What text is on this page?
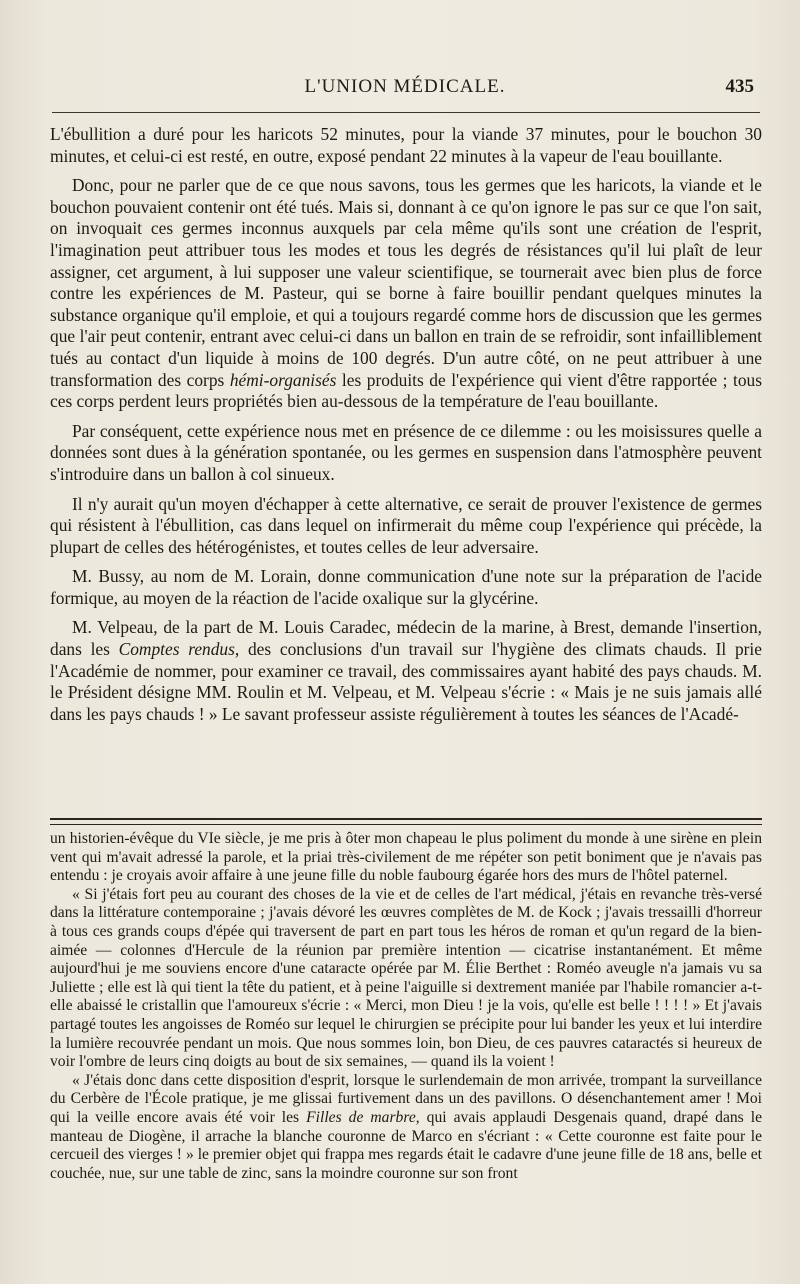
L'UNION MÉDICALE.	435

L'ébullition a duré pour les haricots 52 minutes, pour la viande 37 minutes, pour le bouchon 30 minutes, et celui-ci est resté, en outre, exposé pendant 22 minutes à la vapeur de l'eau bouillante.

Donc, pour ne parler que de ce que nous savons, tous les germes que les haricots, la viande et le bouchon pouvaient contenir ont été tués. Mais si, donnant à ce qu'on ignore le pas sur ce que l'on sait, on invoquait ces germes inconnus auxquels par cela même qu'ils sont une création de l'esprit, l'imagination peut attribuer tous les modes et tous les degrés de résistances qu'il lui plaît de leur assigner, cet argument, à lui supposer une valeur scientifique, se tournerait avec bien plus de force contre les expériences de M. Pasteur, qui se borne à faire bouillir pendant quelques minutes la substance organique qu'il emploie, et qui a toujours regardé comme hors de discussion que les germes que l'air peut contenir, entrant avec celui-ci dans un ballon en train de se refroidir, sont infailliblement tués au contact d'un liquide à moins de 100 degrés. D'un autre côté, on ne peut attribuer à une transformation des corps hémi-organisés les produits de l'expérience qui vient d'être rapportée ; tous ces corps perdent leurs propriétés bien au-dessous de la température de l'eau bouillante.

Par conséquent, cette expérience nous met en présence de ce dilemme : ou les moisissures quelle a données sont dues à la génération spontanée, ou les germes en suspension dans l'atmosphère peuvent s'introduire dans un ballon à col sinueux.

Il n'y aurait qu'un moyen d'échapper à cette alternative, ce serait de prouver l'existence de germes qui résistent à l'ébullition, cas dans lequel on infirmerait du même coup l'expérience qui précède, la plupart de celles des hétérogénistes, et toutes celles de leur adversaire.

M. Bussy, au nom de M. Lorain, donne communication d'une note sur la préparation de l'acide formique, au moyen de la réaction de l'acide oxalique sur la glycérine.

M. Velpeau, de la part de M. Louis Caradec, médecin de la marine, à Brest, demande l'insertion, dans les Comptes rendus, des conclusions d'un travail sur l'hygiène des climats chauds. Il prie l'Académie de nommer, pour examiner ce travail, des commissaires ayant habité des pays chauds. M. le Président désigne MM. Roulin et M. Velpeau, et M. Velpeau s'écrie : « Mais je ne suis jamais allé dans les pays chauds ! » Le savant professeur assiste régulièrement à toutes les séances de l'Acadé-

un historien-évêque du VIe siècle, je me pris à ôter mon chapeau le plus poliment du monde à une sirène en plein vent qui m'avait adressé la parole, et la priai très-civilement de me répéter son petit boniment que je n'avais pas entendu : je croyais avoir affaire à une jeune fille du noble faubourg égarée hors des murs de l'hôtel paternel.

« Si j'étais fort peu au courant des choses de la vie et de celles de l'art médical, j'étais en revanche très-versé dans la littérature contemporaine ; j'avais dévoré les œuvres complètes de M. de Kock ; j'avais tressailli d'horreur à tous ces grands coups d'épée qui traversent de part en part tous les héros de roman et qu'un regard de la bien-aimée — colonnes d'Hercule de la réunion par première intention — cicatrise instantanément. Et même aujourd'hui je me souviens encore d'une cataracte opérée par M. Élie Berthet : Roméo aveugle n'a jamais vu sa Juliette ; elle est là qui tient la tête du patient, et à peine l'aiguille si dextrement maniée par l'habile romancier a-t-elle abaissé le cristallin que l'amoureux s'écrie : « Merci, mon Dieu ! je la vois, qu'elle est belle ! ! ! ! » Et j'avais partagé toutes les angoisses de Roméo sur lequel le chirurgien se précipite pour lui bander les yeux et lui interdire la lumière recouvrée pendant un mois. Que nous sommes loin, bon Dieu, de ces pauvres cataractés si heureux de voir l'ombre de leurs cinq doigts au bout de six semaines, — quand ils la voient !

« J'étais donc dans cette disposition d'esprit, lorsque le surlendemain de mon arrivée, trompant la surveillance du Cerbère de l'École pratique, je me glissai furtivement dans un des pavillons. O désenchantement amer ! Moi qui la veille encore avais été voir les Filles de marbre, qui avais applaudi Desgenais quand, drapé dans le manteau de Diogène, il arrache la blanche couronne de Marco en s'écriant : « Cette couronne est faite pour le cercueil des vierges ! » le premier objet qui frappa mes regards était le cadavre d'une jeune fille de 18 ans, belle et couchée, nue, sur une table de zinc, sans la moindre couronne sur son front
